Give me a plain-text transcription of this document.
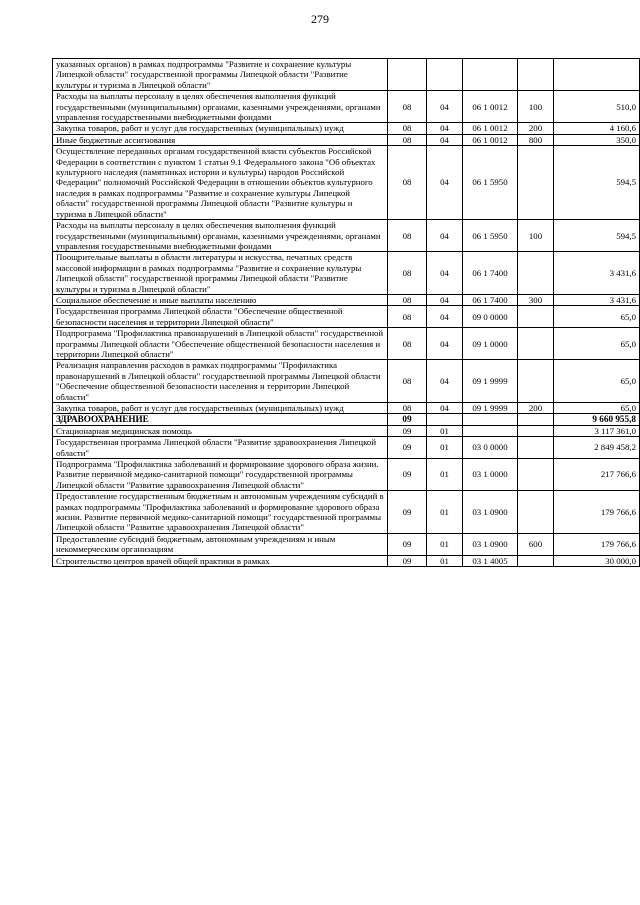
279
указанных органов) в рамках подпрограммы "Развитие и сохранение культуры Липецкой области" государственной программы Липецкой области "Развитие культуры и туризма в Липецкой области"					
Расходы на выплаты персоналу в целях обеспечения выполнения функций государственными (муниципальными) органами, казенными учреждениями, органами управления государственными внебюджетными фондами	08	04	06 1 0012	100	510,0
Закупка товаров, работ и услуг для государственных (муниципальных) нужд	08	04	06 1 0012	200	4 160,6
Иные бюджетные ассигнования	08	04	06 1 0012	800	350,0
Осуществление переданных органам государственной власти субъектов Российской Федерации в соответствии с пунктом 1 статьи 9.1 Федерального закона "Об объектах культурного наследия (памятниках истории и культуры) народов Российской Федерации" полномочий Российской Федерации в отношении объектов культурного наследия в рамках подпрограммы "Развитие и сохранение культуры Липецкой области" государственной программы Липецкой области "Развитие культуры и туризма в Липецкой области"	08	04	06 1 5950		594,5
Расходы на выплаты персоналу в целях обеспечения выполнения функций государственными (муниципальными) органами, казенными учреждениями, органами управления государственными внебюджетными фондами	08	04	06 1 5950	100	594,5
Поощрительные выплаты в области литературы и искусства, печатных средств массовой информации в рамках подпрограммы "Развитие и сохранение культуры Липецкой области" государственной программы Липецкой области "Развитие культуры и туризма в Липецкой области"	08	04	06 1 7400		3 431,6
Социальное обеспечение и иные выплаты населению	08	04	06 1 7400	300	3 431,6
Государственная программа Липецкой области "Обеспечение общественной безопасности населения и территории Липецкой области"	08	04	09 0 0000		65,0
Подпрограмма "Профилактика правонарушений в Липецкой области" государственной программы Липецкой области "Обеспечение общественной безопасности населения и территории Липецкой области"	08	04	09 1 0000		65,0
Реализация направления расходов в рамках подпрограммы "Профилактика правонарушений в Липецкой области" государственной программы Липецкой области "Обеспечение общественной безопасности населения и территории Липецкой области"	08	04	09 1 9999		65,0
Закупка товаров, работ и услуг для государственных (муниципальных) нужд	08	04	09 1 9999	200	65,0
ЗДРАВООХРАНЕНИЕ	09				9 660 955,8
Стационарная медицинская помощь	09	01			3 117 361,0
Государственная программа Липецкой области "Развитие здравоохранения Липецкой области"	09	01	03 0 0000		2 849 458,2
Подпрограмма "Профилактика заболеваний и формирование здорового образа жизни. Развитие первичной медико-санитарной помощи" государственной программы Липецкой области "Развитие здравоохранения Липецкой области"	09	01	03 1 0000		217 766,6
Предоставление государственным бюджетным и автономным учреждениям субсидий в рамках подпрограммы "Профилактика заболеваний и формирование здорового образа жизни. Развитие первичной медико-санитарной помощи" государственной программы Липецкой области "Развитие здравоохранения Липецкой области"	09	01	03 1 0900		179 766,6
Предоставление субсидий бюджетным, автономным учреждениям и иным некоммерческим организациям	09	01	03 1 0900	600	179 766,6
Строительство центров врачей общей практики в рамках	09	01	03 1 4005		30 000,0
